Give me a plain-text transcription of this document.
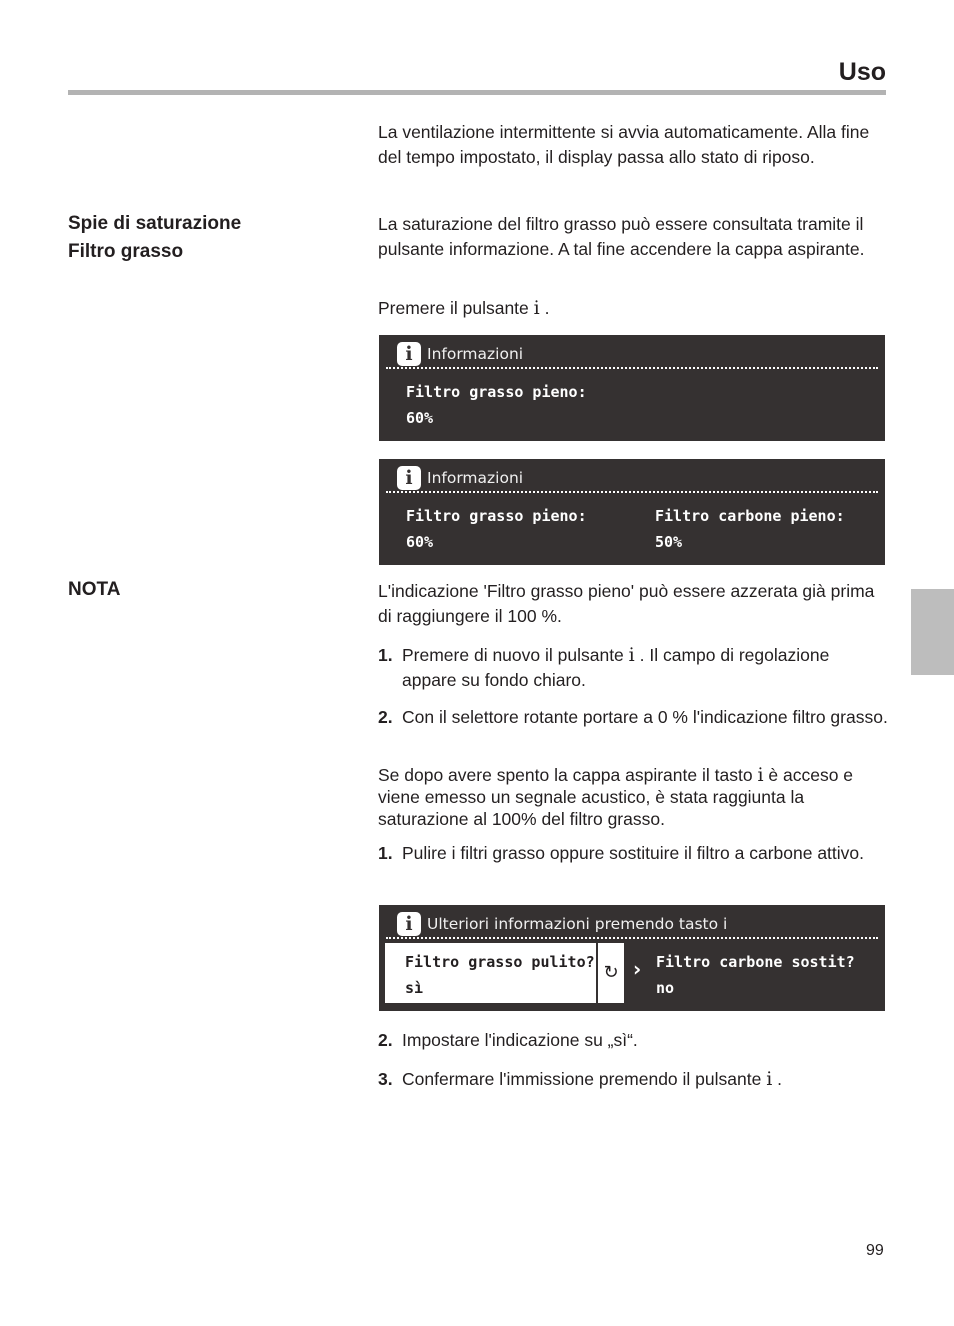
Uso

La ventilazione intermittente si avvia automaticamente. Alla fine del tempo impostato, il display passa allo stato di riposo.

Spie di saturazione
Filtro grasso

La saturazione del filtro grasso può essere consultata tramite il pulsante informazione. A tal fine accendere la cappa aspirante.

Premere il pulsante i .
i Informazioni
Filtro grasso pieno:
60%
i Informazioni
Filtro grasso pieno:
60%
Filtro carbone pieno:
50%
NOTA	L'indicazione 'Filtro grasso pieno' può essere azzerata già prima di raggiungere il 100 %.

1. Premere di nuovo il pulsante i . Il campo di regolazione appare su fondo chiaro.
2. Con il selettore rotante portare a 0 % l'indicazione filtro grasso.
Se dopo avere spento la cappa aspirante il tasto i è acceso e viene emesso un segnale acustico, è stata raggiunta la saturazione al 100% del filtro grasso.
1. Pulire i filtri grasso oppure sostituire il filtro a carbone attivo.
i Ulteriori informazioni premendo tasto i
Filtro grasso pulito?
sì
↻ › Filtro carbone sostit?
no
2. Impostare l'indicazione su „sì“.
3. Confermare l'immissione premendo il pulsante i .
99
